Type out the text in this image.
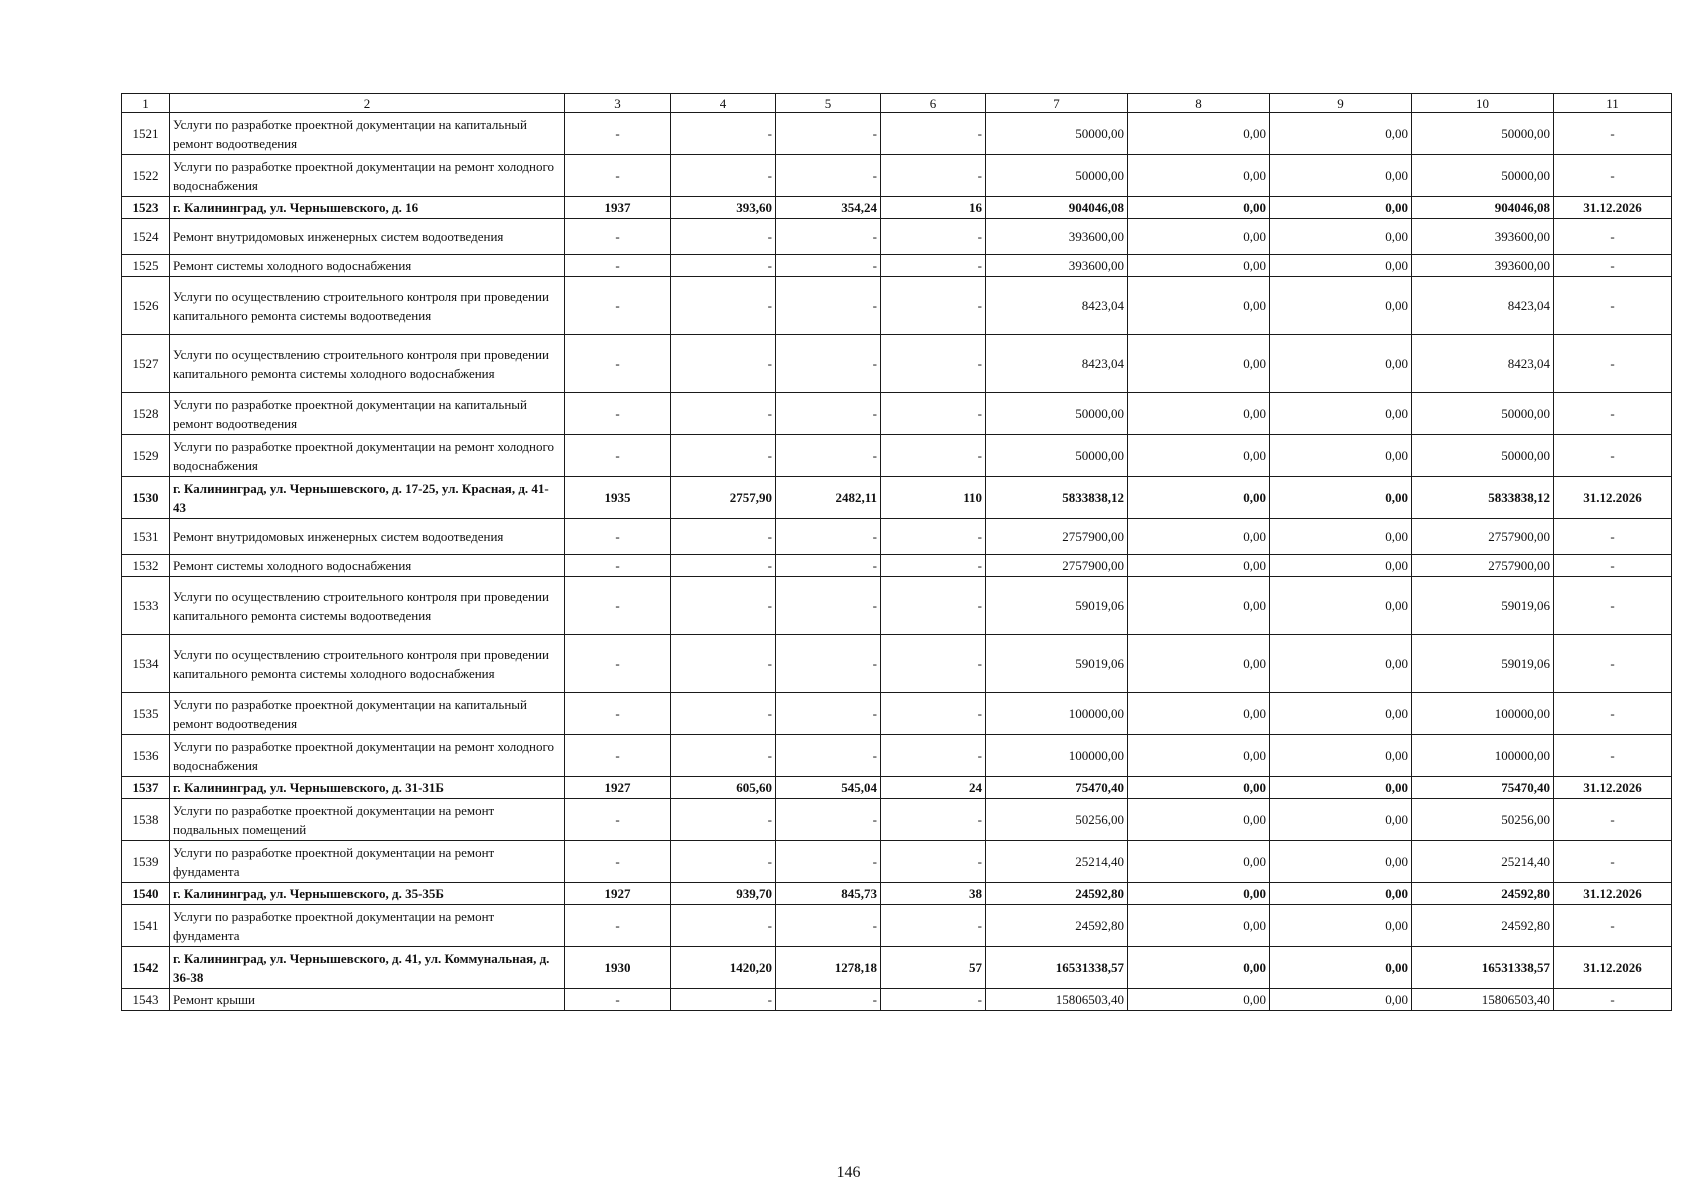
1	2	3	4	5	6	7	8	9	10	11
1521	Услуги по разработке проектной документации на капитальный ремонт водоотведения	-	-	-	-	50000,00	0,00	0,00	50000,00	-
1522	Услуги по разработке проектной документации на ремонт холодного водоснабжения	-	-	-	-	50000,00	0,00	0,00	50000,00	-
1523	г. Калининград, ул. Чернышевского, д. 16	1937	393,60	354,24	16	904046,08	0,00	0,00	904046,08	31.12.2026
1524	Ремонт внутридомовых инженерных систем водоотведения	-	-	-	-	393600,00	0,00	0,00	393600,00	-
1525	Ремонт системы холодного водоснабжения	-	-	-	-	393600,00	0,00	0,00	393600,00	-
1526	Услуги по осуществлению строительного контроля при проведении капитального ремонта системы водоотведения	-	-	-	-	8423,04	0,00	0,00	8423,04	-
1527	Услуги по осуществлению строительного контроля при проведении капитального ремонта системы холодного водоснабжения	-	-	-	-	8423,04	0,00	0,00	8423,04	-
1528	Услуги по разработке проектной документации на капитальный ремонт водоотведения	-	-	-	-	50000,00	0,00	0,00	50000,00	-
1529	Услуги по разработке проектной документации на ремонт холодного водоснабжения	-	-	-	-	50000,00	0,00	0,00	50000,00	-
1530	г. Калининград, ул. Чернышевского, д. 17-25, ул. Красная, д. 41-43	1935	2757,90	2482,11	110	5833838,12	0,00	0,00	5833838,12	31.12.2026
1531	Ремонт внутридомовых инженерных систем водоотведения	-	-	-	-	2757900,00	0,00	0,00	2757900,00	-
1532	Ремонт системы холодного водоснабжения	-	-	-	-	2757900,00	0,00	0,00	2757900,00	-
1533	Услуги по осуществлению строительного контроля при проведении капитального ремонта системы водоотведения	-	-	-	-	59019,06	0,00	0,00	59019,06	-
1534	Услуги по осуществлению строительного контроля при проведении капитального ремонта системы холодного водоснабжения	-	-	-	-	59019,06	0,00	0,00	59019,06	-
1535	Услуги по разработке проектной документации на капитальный ремонт водоотведения	-	-	-	-	100000,00	0,00	0,00	100000,00	-
1536	Услуги по разработке проектной документации на ремонт холодного водоснабжения	-	-	-	-	100000,00	0,00	0,00	100000,00	-
1537	г. Калининград, ул. Чернышевского, д. 31-31Б	1927	605,60	545,04	24	75470,40	0,00	0,00	75470,40	31.12.2026
1538	Услуги по разработке проектной документации на ремонт подвальных помещений	-	-	-	-	50256,00	0,00	0,00	50256,00	-
1539	Услуги по разработке проектной документации на ремонт фундамента	-	-	-	-	25214,40	0,00	0,00	25214,40	-
1540	г. Калининград, ул. Чернышевского, д. 35-35Б	1927	939,70	845,73	38	24592,80	0,00	0,00	24592,80	31.12.2026
1541	Услуги по разработке проектной документации на ремонт фундамента	-	-	-	-	24592,80	0,00	0,00	24592,80	-
1542	г. Калининград, ул. Чернышевского, д. 41, ул. Коммунальная, д. 36-38	1930	1420,20	1278,18	57	16531338,57	0,00	0,00	16531338,57	31.12.2026
1543	Ремонт крыши	-	-	-	-	15806503,40	0,00	0,00	15806503,40	-
146
